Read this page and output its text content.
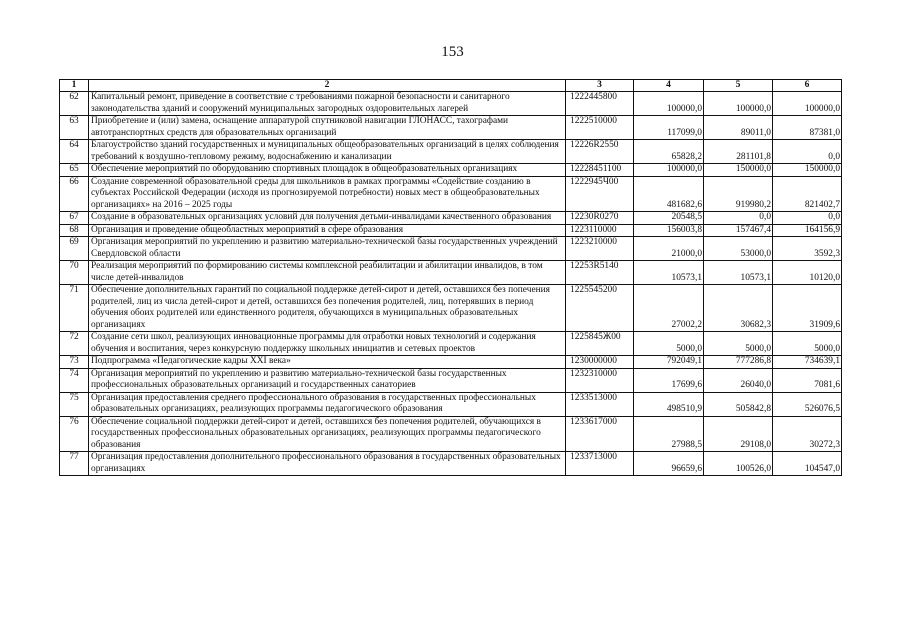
153
1	2	3	4	5	6
62	Капитальный ремонт, приведение в соответствие с требованиями пожарной безопасности и санитарного законодательства зданий и сооружений муниципальных загородных оздоровительных лагерей	1222445800	100000,0	100000,0	100000,0
63	Приобретение и (или) замена, оснащение аппаратурой спутниковой навигации ГЛОНАСС, тахографами автотранспортных средств для образовательных организаций	1222510000	117099,0	89011,0	87381,0
64	Благоустройство зданий государственных и муниципальных общеобразовательных организаций в целях соблюдения требований к воздушно-тепловому режиму, водоснабжению и канализации	12226R2550	65828,2	281101,8	0,0
65	Обеспечение мероприятий по оборудованию спортивных площадок в общеобразовательных организациях	12228451100	100000,0	150000,0	150000,0
66	Создание современной образовательной среды для школьников в рамках программы «Содействие созданию в субъектах Российской Федерации (исходя из прогнозируемой потребности) новых мест в общеобразовательных организациях» на 2016 – 2025 годы	1222945Ч00	481682,6	919980,2	821402,7
67	Создание в образовательных организациях условий для получения детьми-инвалидами качественного образования	12230R0270	20548,5	0,0	0,0
68	Организация и проведение общеобластных мероприятий в сфере образования	1223110000	156003,8	157467,4	164156,9
69	Организация мероприятий по укреплению и развитию материально-технической базы государственных учреждений Свердловской области	1223210000	21000,0	53000,0	3592,3
70	Реализация мероприятий по формированию системы комплексной реабилитации и абилитации инвалидов, в том числе детей-инвалидов	12253R5140	10573,1	10573,1	10120,0
71	Обеспечение дополнительных гарантий по социальной поддержке детей-сирот и детей, оставшихся без попечения родителей, лиц из числа детей-сирот и детей, оставшихся без попечения родителей, лиц, потерявших в период обучения обоих родителей или единственного родителя, обучающихся в муниципальных образовательных организациях	1225545200	27002,2	30682,3	31909,6
72	Создание сети школ, реализующих инновационные программы для отработки новых технологий и содержания обучения и воспитания, через конкурсную поддержку школьных инициатив и сетевых проектов	1225845Ж00	5000,0	5000,0	5000,0
73	Подпрограмма «Педагогические кадры XXI века»	1230000000	792049,1	777286,8	734639,1
74	Организация мероприятий по укреплению и развитию материально-технической базы государственных профессиональных образовательных организаций и государственных санаториев	1232310000	17699,6	26040,0	7081,6
75	Организация предоставления среднего профессионального образования в государственных профессиональных образовательных организациях, реализующих программы педагогического образования	1233513000	498510,9	505842,8	526076,5
76	Обеспечение социальной поддержки детей-сирот и детей, оставшихся без попечения родителей, обучающихся в государственных профессиональных образовательных организациях, реализующих программы педагогического образования	1233617000	27988,5	29108,0	30272,3
77	Организация предоставления дополнительного профессионального образования в государственных образовательных организациях	1233713000	96659,6	100526,0	104547,0
